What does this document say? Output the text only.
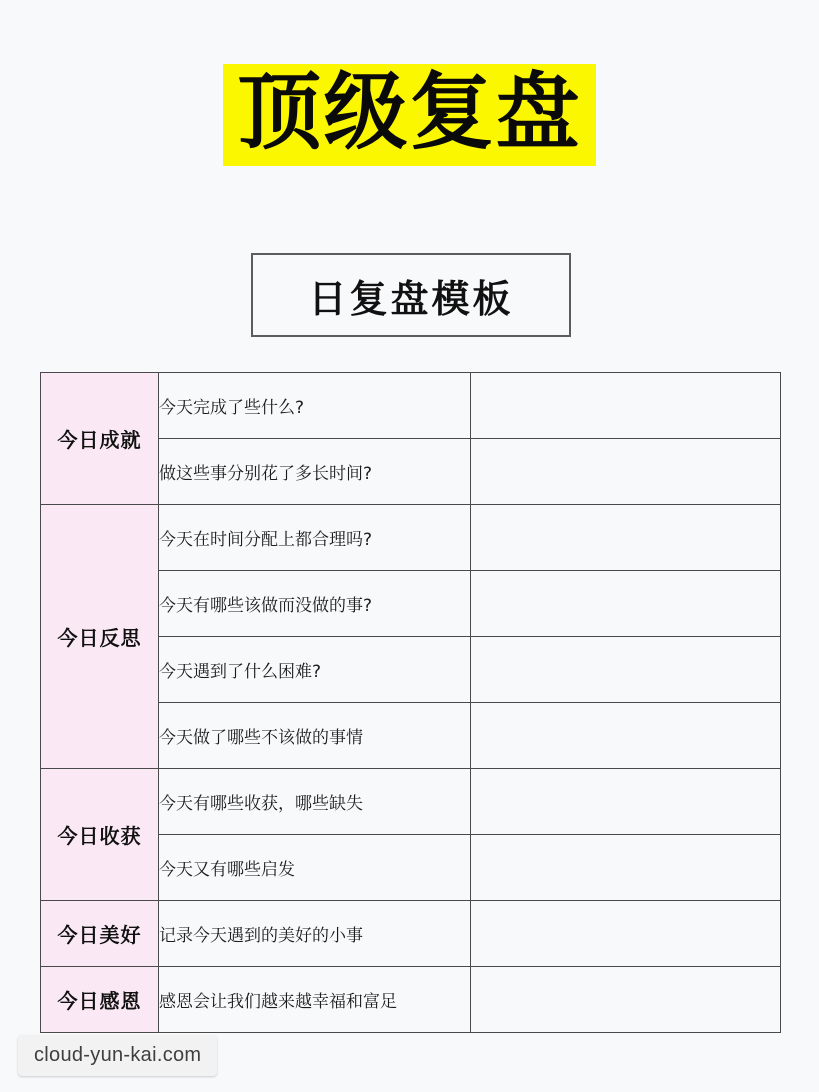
顶级复盘
日复盘模板
今日成就	今天完成了些什么?	
	做这些事分别花了多长时间?	
今日反思	今天在时间分配上都合理吗?	
	今天有哪些该做而没做的事?	
	今天遇到了什么困难?	
	今天做了哪些不该做的事情	
今日收获	今天有哪些收获，哪些缺失	
	今天又有哪些启发	
今日美好	记录今天遇到的美好的小事	
今日感恩	感恩会让我们越来越幸福和富足	
cloud-yun-kai.com
